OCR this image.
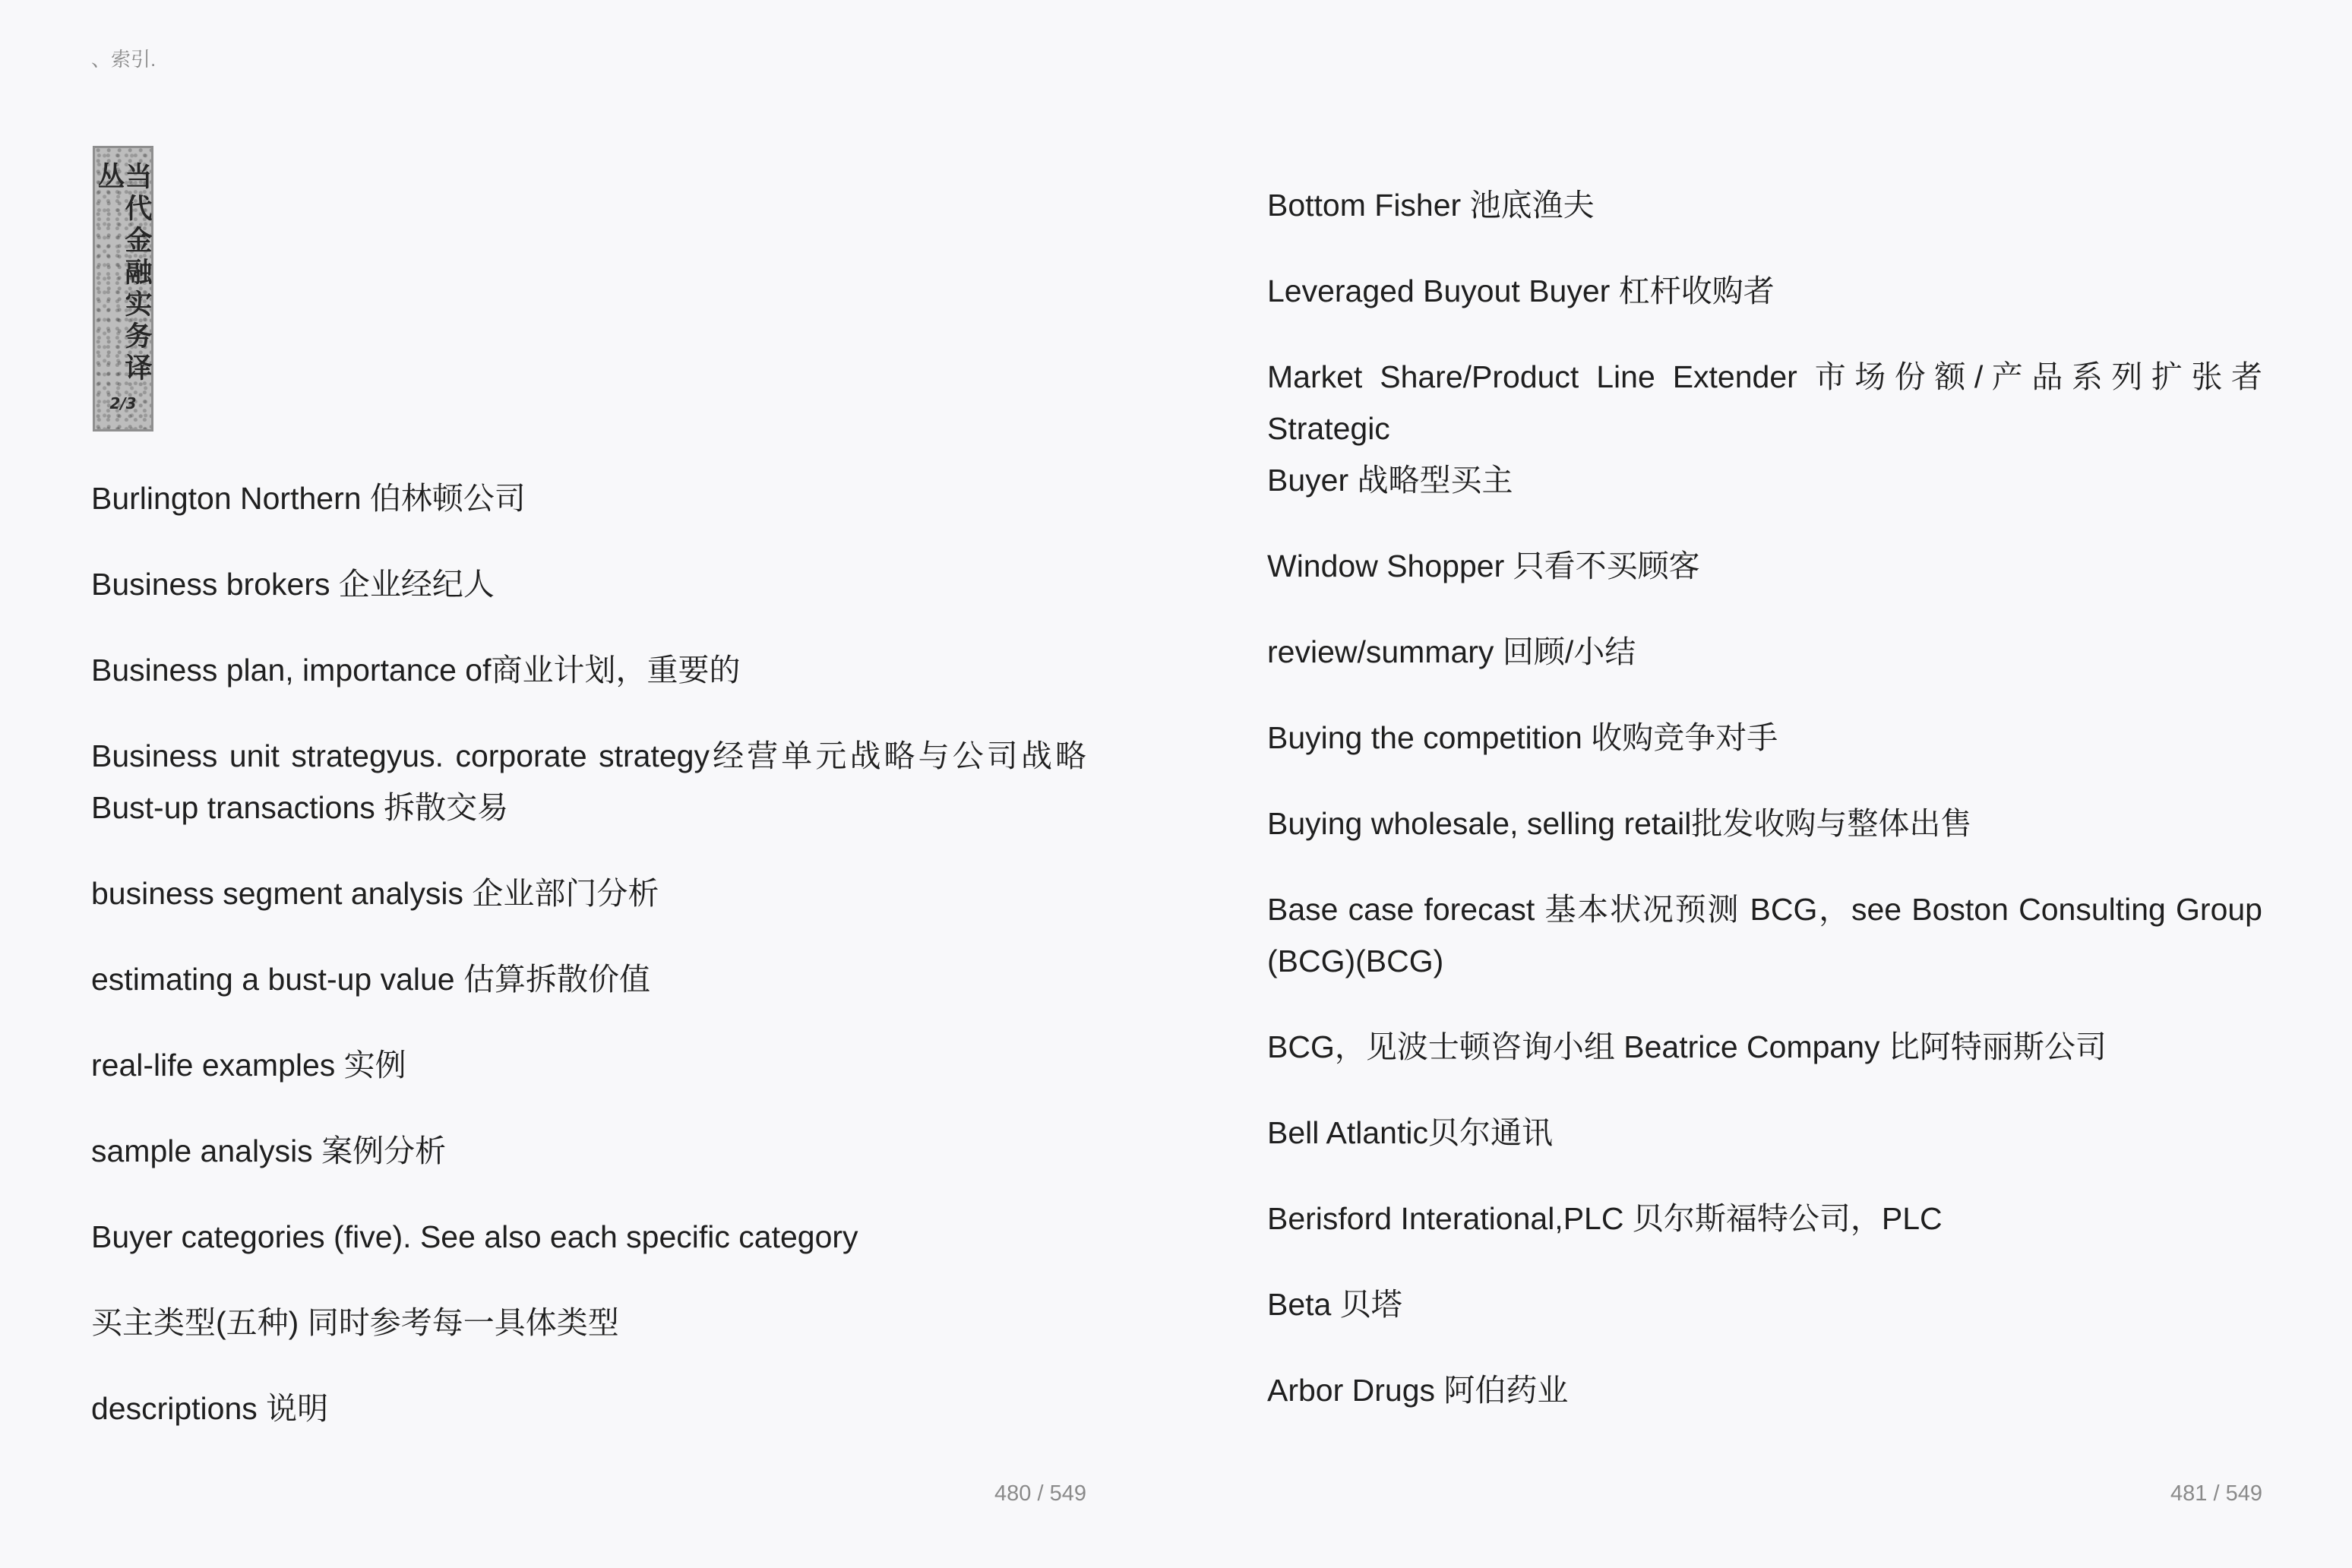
、索引.
当代金融实务译丛
2/3
Burlington Northern 伯林顿公司
Business brokers 企业经纪人
Business plan, importance of商业计划，重要的
Business unit strategyus. corporate strategy经营单元战略与公司战略
Bust-up transactions 拆散交易
business segment analysis 企业部门分析
estimating a bust-up value 估算拆散价值
real-life examples 实例
sample analysis 案例分析
Buyer categories (five). See also each specific category
买主类型(五种) 同时参考每一具体类型
descriptions 说明
480 / 549
Bottom Fisher 池底渔夫
Leveraged Buyout Buyer 杠杆收购者
Market Share/Product Line Extender 市场份额/产品系列扩张者 Strategic
Buyer 战略型买主
Window Shopper 只看不买顾客
review/summary 回顾/小结
Buying the competition 收购竞争对手
Buying wholesale, selling retail批发收购与整体出售
Base case forecast 基本状况预测 BCG，see Boston Consulting Group
(BCG)(BCG)
BCG，见波士顿咨询小组 Beatrice Company 比阿特丽斯公司
Bell Atlantic贝尔通讯
Berisford Interational,PLC 贝尔斯福特公司，PLC
Beta 贝塔
Arbor Drugs 阿伯药业
481 / 549
